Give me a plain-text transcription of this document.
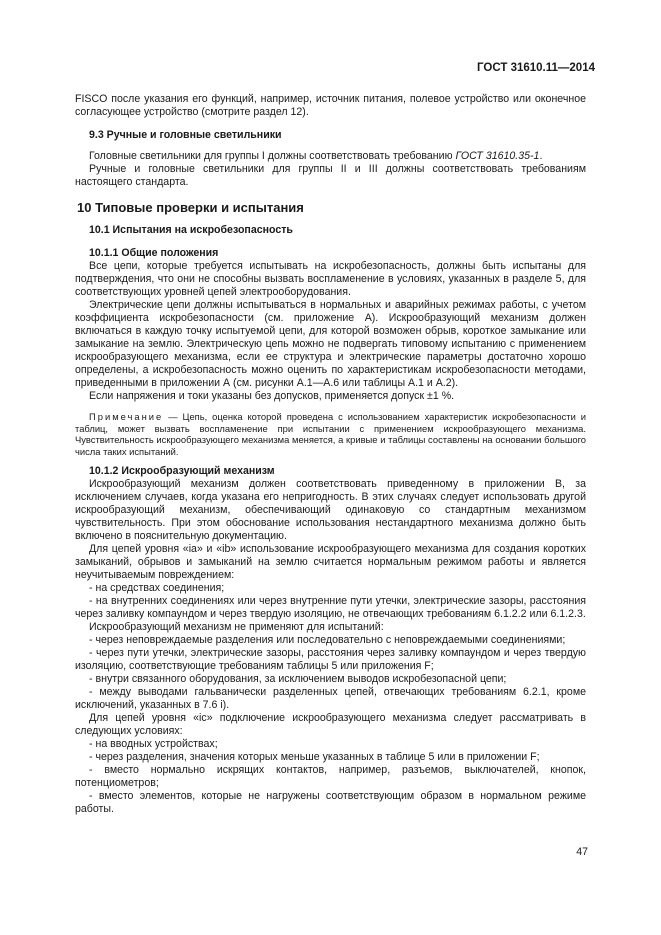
ГОСТ 31610.11—2014

FISCO после указания его функций, например, источник питания, полевое устройство или оконечное согласующее устройство (смотрите раздел 12).

9.3 Ручные и головные светильники

Головные светильники для группы I должны соответствовать требованию ГОСТ 31610.35-1.

Ручные и головные светильники для группы II и III должны соответствовать требованиям настоящего стандарта.

10 Типовые проверки и испытания

10.1 Испытания на искробезопасность

10.1.1 Общие положения

Все цепи, которые требуется испытывать на искробезопасность, должны быть испытаны для подтверждения, что они не способны вызвать воспламенение в условиях, указанных в разделе 5, для соответствующих уровней цепей электрооборудования.

Электрические цепи должны испытываться в нормальных и аварийных режимах работы, с учетом коэффициента искробезопасности (см. приложение А). Искрообразующий механизм должен включаться в каждую точку испытуемой цепи, для которой возможен обрыв, короткое замыкание или замыкание на землю. Электрическую цепь можно не подвергать типовому испытанию с применением искрообразующего механизма, если ее структура и электрические параметры достаточно хорошо определены, а искробезопасность можно оценить по характеристикам искробезопасности методами, приведенными в приложении А (см. рисунки А.1—А.6 или таблицы А.1 и А.2).

Если напряжения и токи указаны без допусков, применяется допуск ±1 %.

Примечание — Цепь, оценка которой проведена с использованием характеристик искробезопасности и таблиц, может вызвать воспламенение при испытании с применением искрообразующего механизма. Чувствительность искрообразующего механизма меняется, а кривые и таблицы составлены на основании большого числа таких испытаний.

10.1.2 Искрообразующий механизм

Искрообразующий механизм должен соответствовать приведенному в приложении В, за исключением случаев, когда указана его непригодность. В этих случаях следует использовать другой искрообразующий механизм, обеспечивающий одинаковую со стандартным механизмом чувствительность. При этом обоснование использования нестандартного механизма должно быть включено в пояснительную документацию.

Для цепей уровня «ia» и «ib» использование искрообразующего механизма для создания коротких замыканий, обрывов и замыканий на землю считается нормальным режимом работы и является неучитываемым повреждением:

- на средствах соединения;

- на внутренних соединениях или через внутренние пути утечки, электрические зазоры, расстояния через заливку компаундом и через твердую изоляцию, не отвечающих требованиям 6.1.2.2 или 6.1.2.3.

Искрообразующий механизм не применяют для испытаний:

- через неповреждаемые разделения или последовательно с неповреждаемыми соединениями;

- через пути утечки, электрические зазоры, расстояния через заливку компаундом и через твердую изоляцию, соответствующие требованиям таблицы 5 или приложения F;

- внутри связанного оборудования, за исключением выводов искробезопасной цепи;

- между выводами гальванически разделенных цепей, отвечающих требованиям 6.2.1, кроме исключений, указанных в 7.6 i).

Для цепей уровня «ic» подключение искрообразующего механизма следует рассматривать в следующих условиях:

- на вводных устройствах;

- через разделения, значения которых меньше указанных в таблице 5 или в приложении F;

- вместо нормально искрящих контактов, например, разъемов, выключателей, кнопок, потенциометров;

- вместо элементов, которые не нагружены соответствующим образом в нормальном режиме работы.

47
